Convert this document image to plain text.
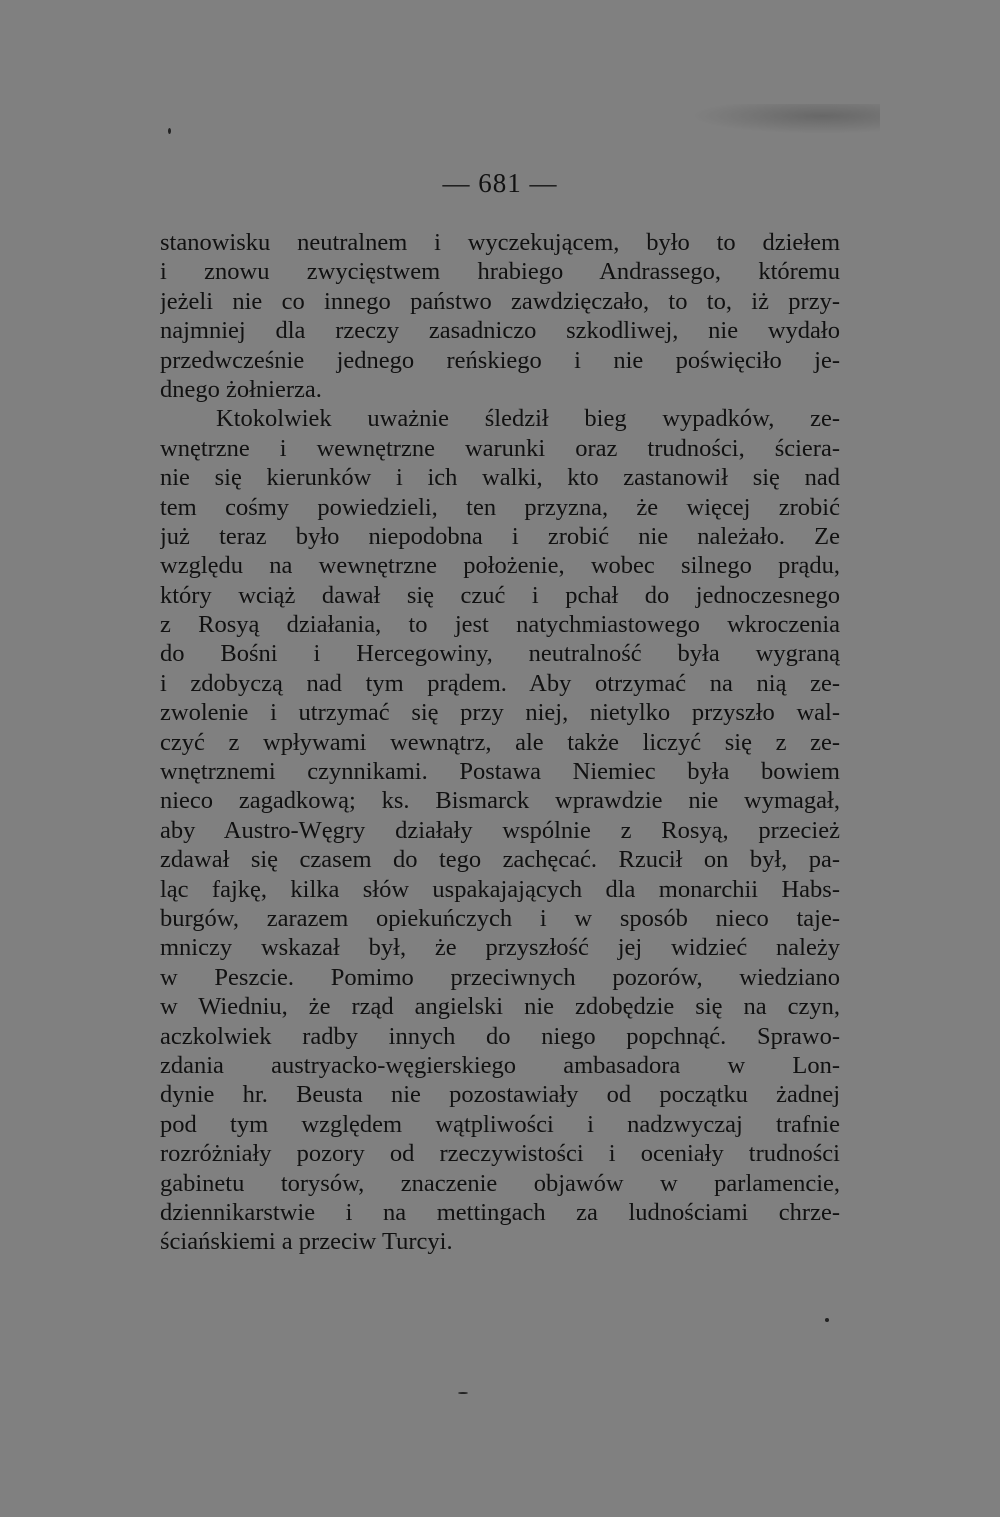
— 681 —
stanowisku neutralnem i wyczekującem, było to dziełem
i znowu zwycięstwem hrabiego Andrassego, któremu
jeżeli nie co innego państwo zawdzięczało, to to, iż przy-
najmniej dla rzeczy zasadniczo szkodliwej, nie wydało
przedwcześnie jednego reńskiego i nie poświęciło je-
dnego żołnierza.
Ktokolwiek uważnie śledził bieg wypadków, ze-
wnętrzne i wewnętrzne warunki oraz trudności, ściera-
nie się kierunków i ich walki, kto zastanowił się nad
tem cośmy powiedzieli, ten przyzna, że więcej zrobić
już teraz było niepodobna i zrobić nie należało. Ze
względu na wewnętrzne położenie, wobec silnego prądu,
który wciąż dawał się czuć i pchał do jednoczesnego
z Rosyą działania, to jest natychmiastowego wkroczenia
do Bośni i Hercegowiny, neutralność była wygraną
i zdobyczą nad tym prądem. Aby otrzymać na nią ze-
zwolenie i utrzymać się przy niej, nietylko przyszło wal-
czyć z wpływami wewnątrz, ale także liczyć się z ze-
wnętrznemi czynnikami. Postawa Niemiec była bowiem
nieco zagadkową; ks. Bismarck wprawdzie nie wymagał,
aby Austro-Węgry działały wspólnie z Rosyą, przecież
zdawał się czasem do tego zachęcać. Rzucił on był, pa-
ląc fajkę, kilka słów uspakajających dla monarchii Habs-
burgów, zarazem opiekuńczych i w sposób nieco taje-
mniczy wskazał był, że przyszłość jej widzieć należy
w Peszcie. Pomimo przeciwnych pozorów, wiedziano
w Wiedniu, że rząd angielski nie zdobędzie się na czyn,
aczkolwiek radby innych do niego popchnąć. Sprawo-
zdania austryacko-węgierskiego ambasadora w Lon-
dynie hr. Beusta nie pozostawiały od początku żadnej
pod tym względem wątpliwości i nadzwyczaj trafnie
rozróżniały pozory od rzeczywistości i oceniały trudności
gabinetu torysów, znaczenie objawów w parlamencie,
dziennikarstwie i na mettingach za ludnościami chrze-
ściańskiemi a przeciw Turcyi.
